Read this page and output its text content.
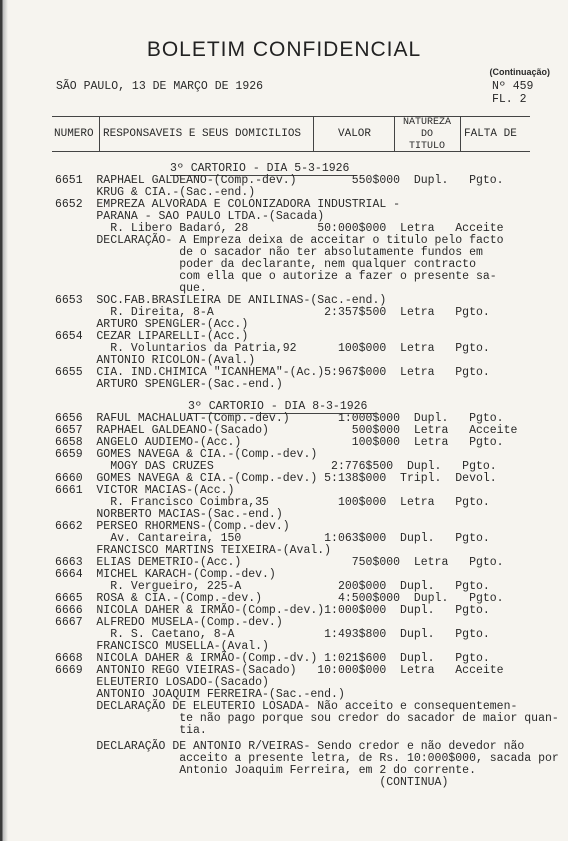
BOLETIM CONFIDENCIAL
(Continuação)
SÃO PAULO, 13 DE MARÇO DE 1926	Nº 459
FL. 2
NUMERO RESPONSAVEIS E SEUS DOMICILIOS	VALOR
NATUREZA
DO
TITULO
FALTA DE
3º CARTORIO - DIA 5-3-1926
6651  RAPHAEL GALDEANO-(Comp.-dev.)        550$000  Dupl.   Pgto.
KRUG & CIA.-(Sac.-end.)
6652  EMPREZA ALVORADA E COLONIZADORA INDUSTRIAL -
PARANA - SAO PAULO LTDA.-(Sacada)
R. Libero Badaró, 28          50:000$000  Letra   Acceite
DECLARAÇÃO- A Empreza deixa de acceitar o titulo pelo facto
de o sacador não ter absolutamente fundos em
poder da declarante, nem qualquer contracto
com ella que o autorize a fazer o presente sa-
que.
6653  SOC.FAB.BRASILEIRA DE ANILINAS-(Sac.-end.)
R. Direita, 8-A                2:357$500  Letra   Pgto.
ARTURO SPENGLER-(Acc.)
6654  CEZAR LIPARELLI-(Acc.)
R. Voluntarios da Patria,92      100$000  Letra   Pgto.
ANTONIO RICOLON-(Aval.)
6655  CIA. IND.CHIMICA "ICANHEMA"-(Ac.)5:967$000  Letra   Pgto.
ARTURO SPENGLER-(Sac.-end.)
3º CARTORIO - DIA 8-3-1926
6656  RAFUL MACHALUAT-(Comp.-dev.)       1:000$000  Dupl.   Pgto.
6657  RAPHAEL GALDEANO-(Sacado)            500$000  Letra   Acceite
6658  ANGELO AUDIEMO-(Acc.)                100$000  Letra   Pgto.
6659  GOMES NAVEGA & CIA.-(Comp.-dev.)
MOGY DAS CRUZES                 2:776$500  Dupl.   Pgto.
6660  GOMES NAVEGA & CIA.-(Comp.-dev.) 5:138$000  Tripl.  Devol.
6661  VICTOR MACIAS-(Acc.)
R. Francisco Coimbra,35          100$000  Letra   Pgto.
NORBERTO MACIAS-(Sac.-end.)
6662  PERSEO RHORMENS-(Comp.-dev.)
Av. Cantareira, 150            1:063$000  Dupl.   Pgto.
FRANCISCO MARTINS TEIXEIRA-(Aval.)
6663  ELIAS DEMETRIO-(Acc.)                750$000  Letra   Pgto.
6664  MICHEL KARACH-(Comp.-dev.)
R. Vergueiro, 225-A              200$000  Dupl.   Pgto.
6665  ROSA & CIA.-(Comp.-dev.)           4:500$000  Dupl.   Pgto.
6666  NICOLA DAHER & IRMÃO-(Comp.-dev.)1:000$000  Dupl.   Pgto.
6667  ALFREDO MUSELA-(Comp.-dev.)
R. S. Caetano, 8-A             1:493$800  Dupl.   Pgto.
FRANCISCO MUSELLA-(Aval.)
6668  NICOLA DAHER & IRMÃO-(Comp.-dv.) 1:021$600  Dupl.   Pgto.
6669  ANTONIO REGO VIEIRAS-(Sacado)   10:000$000  Letra   Acceite
ELEUTERIO LOSADO-(Sacado)
ANTONIO JOAQUIM FERREIRA-(Sac.-end.)
DECLARAÇÃO DE ELEUTERIO LOSADA- Não acceito e consequentemen-
te não pago porque sou credor do sacador de maior quan-
tia.
DECLARAÇÃO DE ANTONIO R/VEIRAS- Sendo credor e não devedor não
acceito a presente letra, de Rs. 10:000$000, sacada por
Antonio Joaquim Ferreira, em 2 do corrente.
(CONTINUA)
